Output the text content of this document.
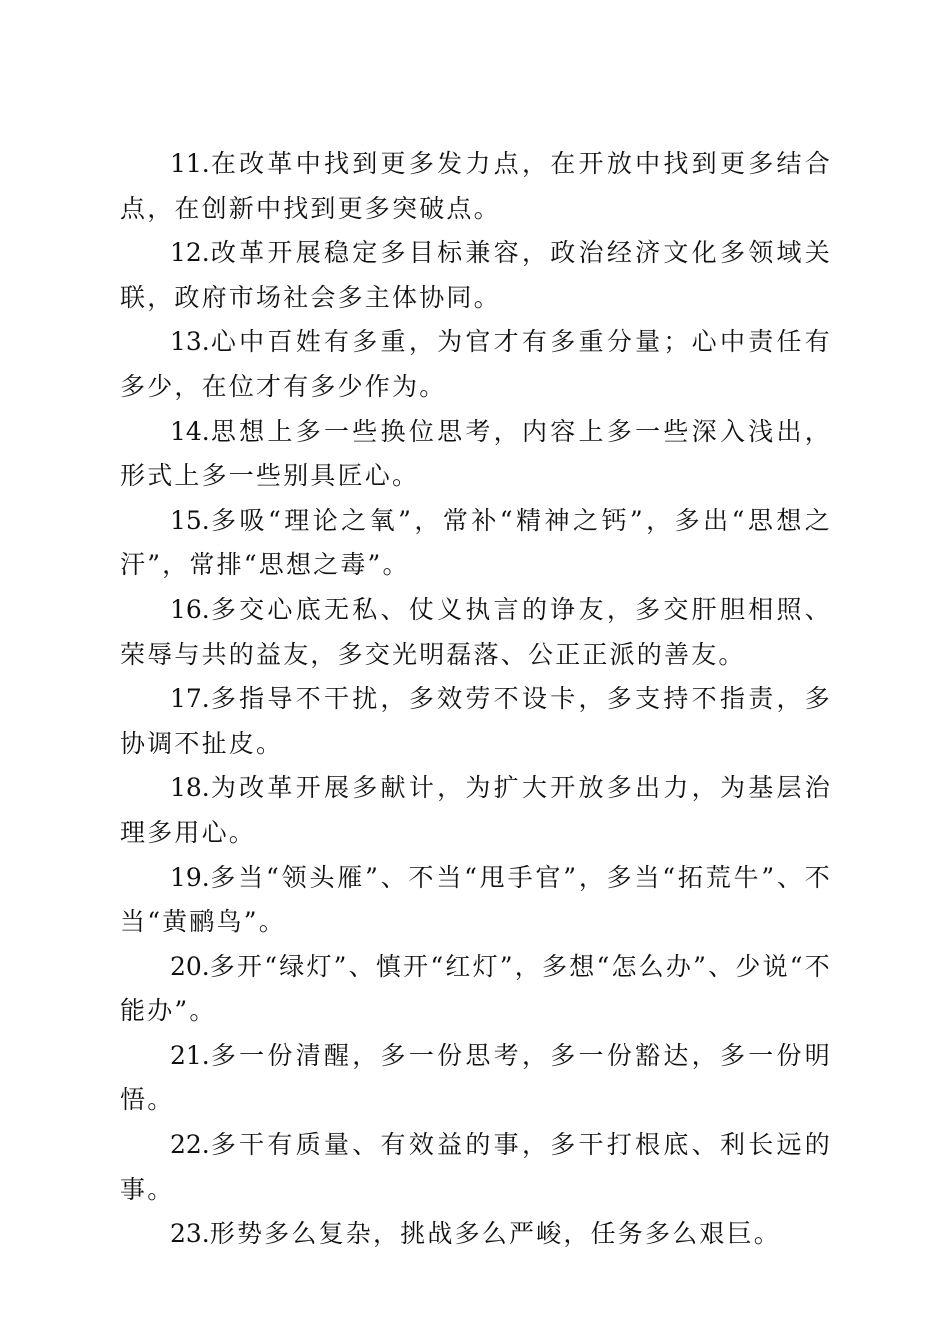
11.在改革中找到更多发力点，在开放中找到更多结合点，在创新中找到更多突破点。

12.改革开展稳定多目标兼容，政治经济文化多领域关联，政府市场社会多主体协同。

13.心中百姓有多重，为官才有多重分量；心中责任有多少，在位才有多少作为。

14.思想上多一些换位思考，内容上多一些深入浅出，形式上多一些别具匠心。

15.多吸“理论之氧”，常补“精神之钙”，多出“思想之汗”，常排“思想之毒”。

16.多交心底无私、仗义执言的诤友，多交肝胆相照、荣辱与共的益友，多交光明磊落、公正正派的善友。

17.多指导不干扰，多效劳不设卡，多支持不指责，多协调不扯皮。

18.为改革开展多献计，为扩大开放多出力，为基层治理多用心。

19.多当“领头雁”、不当“甩手官”，多当“拓荒牛”、不当“黄鹂鸟”。

20.多开“绿灯”、慎开“红灯”，多想“怎么办”、少说“不能办”。

21.多一份清醒，多一份思考，多一份豁达，多一份明悟。

22.多干有质量、有效益的事，多干打根底、利长远的事。

23.形势多么复杂，挑战多么严峻，任务多么艰巨。
